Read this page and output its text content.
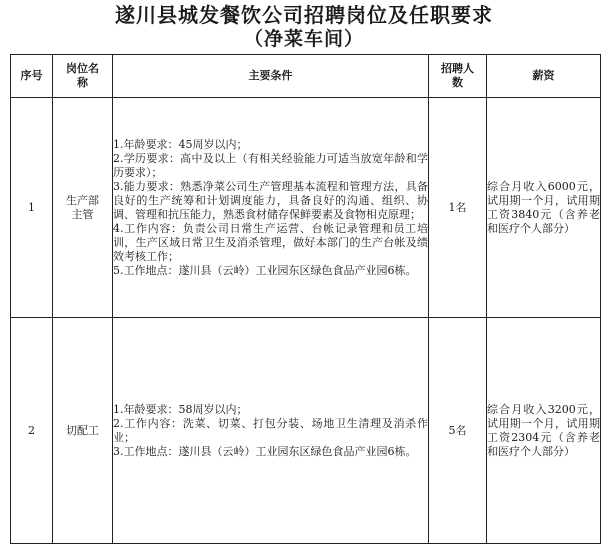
遂川县城发餐饮公司招聘岗位及任职要求
（净菜车间）
序号	岗位名称	主要条件	招聘人数	薪资
1	生产部主管	1.年龄要求：45周岁以内；
2.学历要求：高中及以上（有相关经验能力可适当放宽年龄和学历要求）；
3.能力要求：熟悉净菜公司生产管理基本流程和管理方法，具备良好的生产统筹和计划调度能力，具备良好的沟通、组织、协调、管理和抗压能力，熟悉食材储存保鲜要素及食物相克原理；
4.工作内容：负责公司日常生产运营、台帐记录管理和员工培训，生产区域日常卫生及消杀管理，做好本部门的生产台帐及绩效考核工作；
5.工作地点：遂川县（云岭）工业园东区绿色食品产业园6栋。	1名	综合月收入6000元，试用期一个月，试用期工资3840元（含养老和医疗个人部分）
2	切配工	1.年龄要求：58周岁以内；
2.工作内容：洗菜、切菜、打包分装、场地卫生清理及消杀作业；
3.工作地点：遂川县（云岭）工业园东区绿色食品产业园6栋。	5名	综合月收入3200元，试用期一个月，试用期工资2304元（含养老和医疗个人部分）
